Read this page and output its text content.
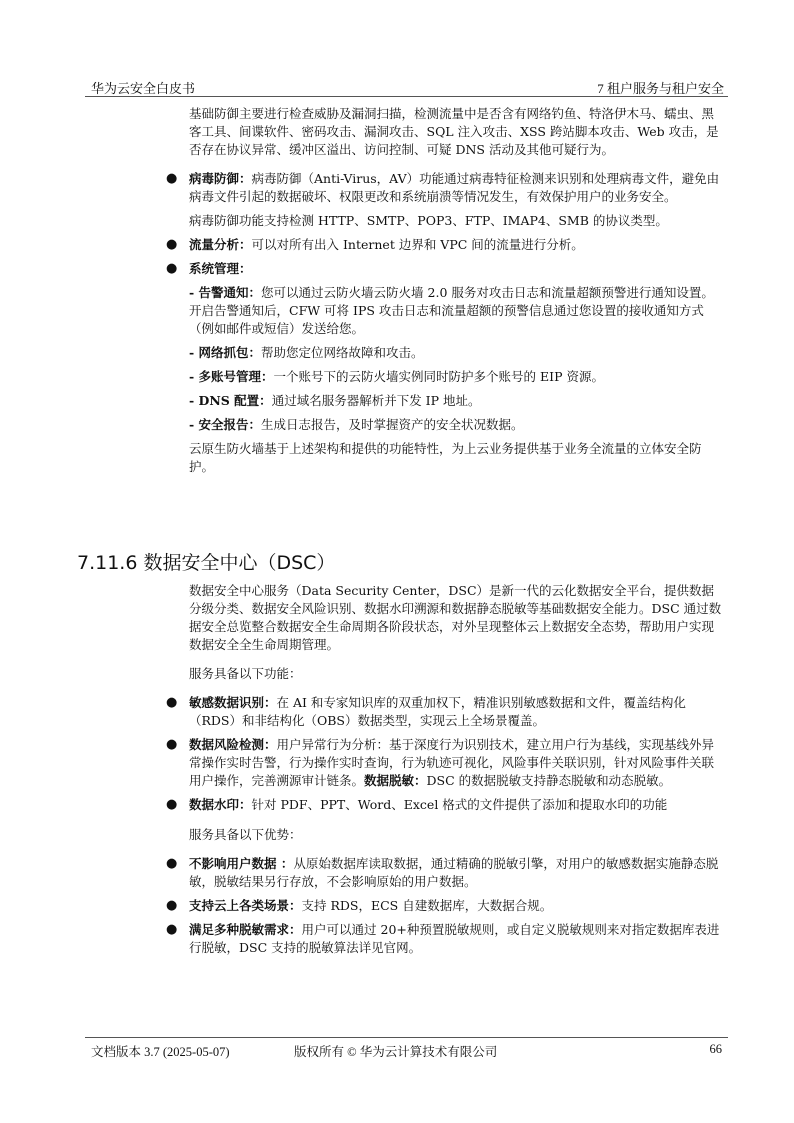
华为云安全白皮书	7 租户服务与租户安全

基础防御主要进行检查威胁及漏洞扫描，检测流量中是否含有网络钓鱼、特洛伊木马、蠕虫、黑客工具、间谍软件、密码攻击、漏洞攻击、SQL 注入攻击、XSS 跨站脚本攻击、Web 攻击，是否存在协议异常、缓冲区溢出、访问控制、可疑 DNS 活动及其他可疑行为。

● 病毒防御：病毒防御（Anti-Virus，AV）功能通过病毒特征检测来识别和处理病毒文件，避免由病毒文件引起的数据破坏、权限更改和系统崩溃等情况发生，有效保护用户的业务安全。
病毒防御功能支持检测 HTTP、SMTP、POP3、FTP、IMAP4、SMB 的协议类型。
● 流量分析：可以对所有出入 Internet 边界和 VPC 间的流量进行分析。
● 系统管理：
- 告警通知：您可以通过云防火墙云防火墙 2.0 服务对攻击日志和流量超额预警进行通知设置。开启告警通知后，CFW 可将 IPS 攻击日志和流量超额的预警信息通过您设置的接收通知方式（例如邮件或短信）发送给您。
- 网络抓包：帮助您定位网络故障和攻击。
- 多账号管理：一个账号下的云防火墙实例同时防护多个账号的 EIP 资源。
- DNS 配置：通过域名服务器解析并下发 IP 地址。
- 安全报告：生成日志报告，及时掌握资产的安全状况数据。

云原生防火墙基于上述架构和提供的功能特性，为上云业务提供基于业务全流量的立体安全防护。

7.11.6 数据安全中心（DSC）

数据安全中心服务（Data Security Center，DSC）是新一代的云化数据安全平台，提供数据分级分类、数据安全风险识别、数据水印溯源和数据静态脱敏等基础数据安全能力。DSC 通过数据安全总览整合数据安全生命周期各阶段状态，对外呈现整体云上数据安全态势，帮助用户实现数据安全全生命周期管理。

服务具备以下功能：

● 敏感数据识别：在 AI 和专家知识库的双重加权下，精准识别敏感数据和文件，覆盖结构化（RDS）和非结构化（OBS）数据类型，实现云上全场景覆盖。
● 数据风险检测：用户异常行为分析：基于深度行为识别技术，建立用户行为基线，实现基线外异常操作实时告警，行为操作实时查询，行为轨迹可视化，风险事件关联识别，针对风险事件关联用户操作，完善溯源审计链条。数据脱敏：DSC 的数据脱敏支持静态脱敏和动态脱敏。
● 数据水印：针对 PDF、PPT、Word、Excel 格式的文件提供了添加和提取水印的功能

服务具备以下优势：

● 不影响用户数据 ：从原始数据库读取数据，通过精确的脱敏引擎，对用户的敏感数据实施静态脱敏，脱敏结果另行存放，不会影响原始的用户数据。
● 支持云上各类场景：支持 RDS，ECS 自建数据库，大数据合规。
● 满足多种脱敏需求：用户可以通过 20+种预置脱敏规则，或自定义脱敏规则来对指定数据库表进行脱敏，DSC 支持的脱敏算法详见官网。
文档版本 3.7 (2025-05-07)	版权所有 © 华为云计算技术有限公司	66
